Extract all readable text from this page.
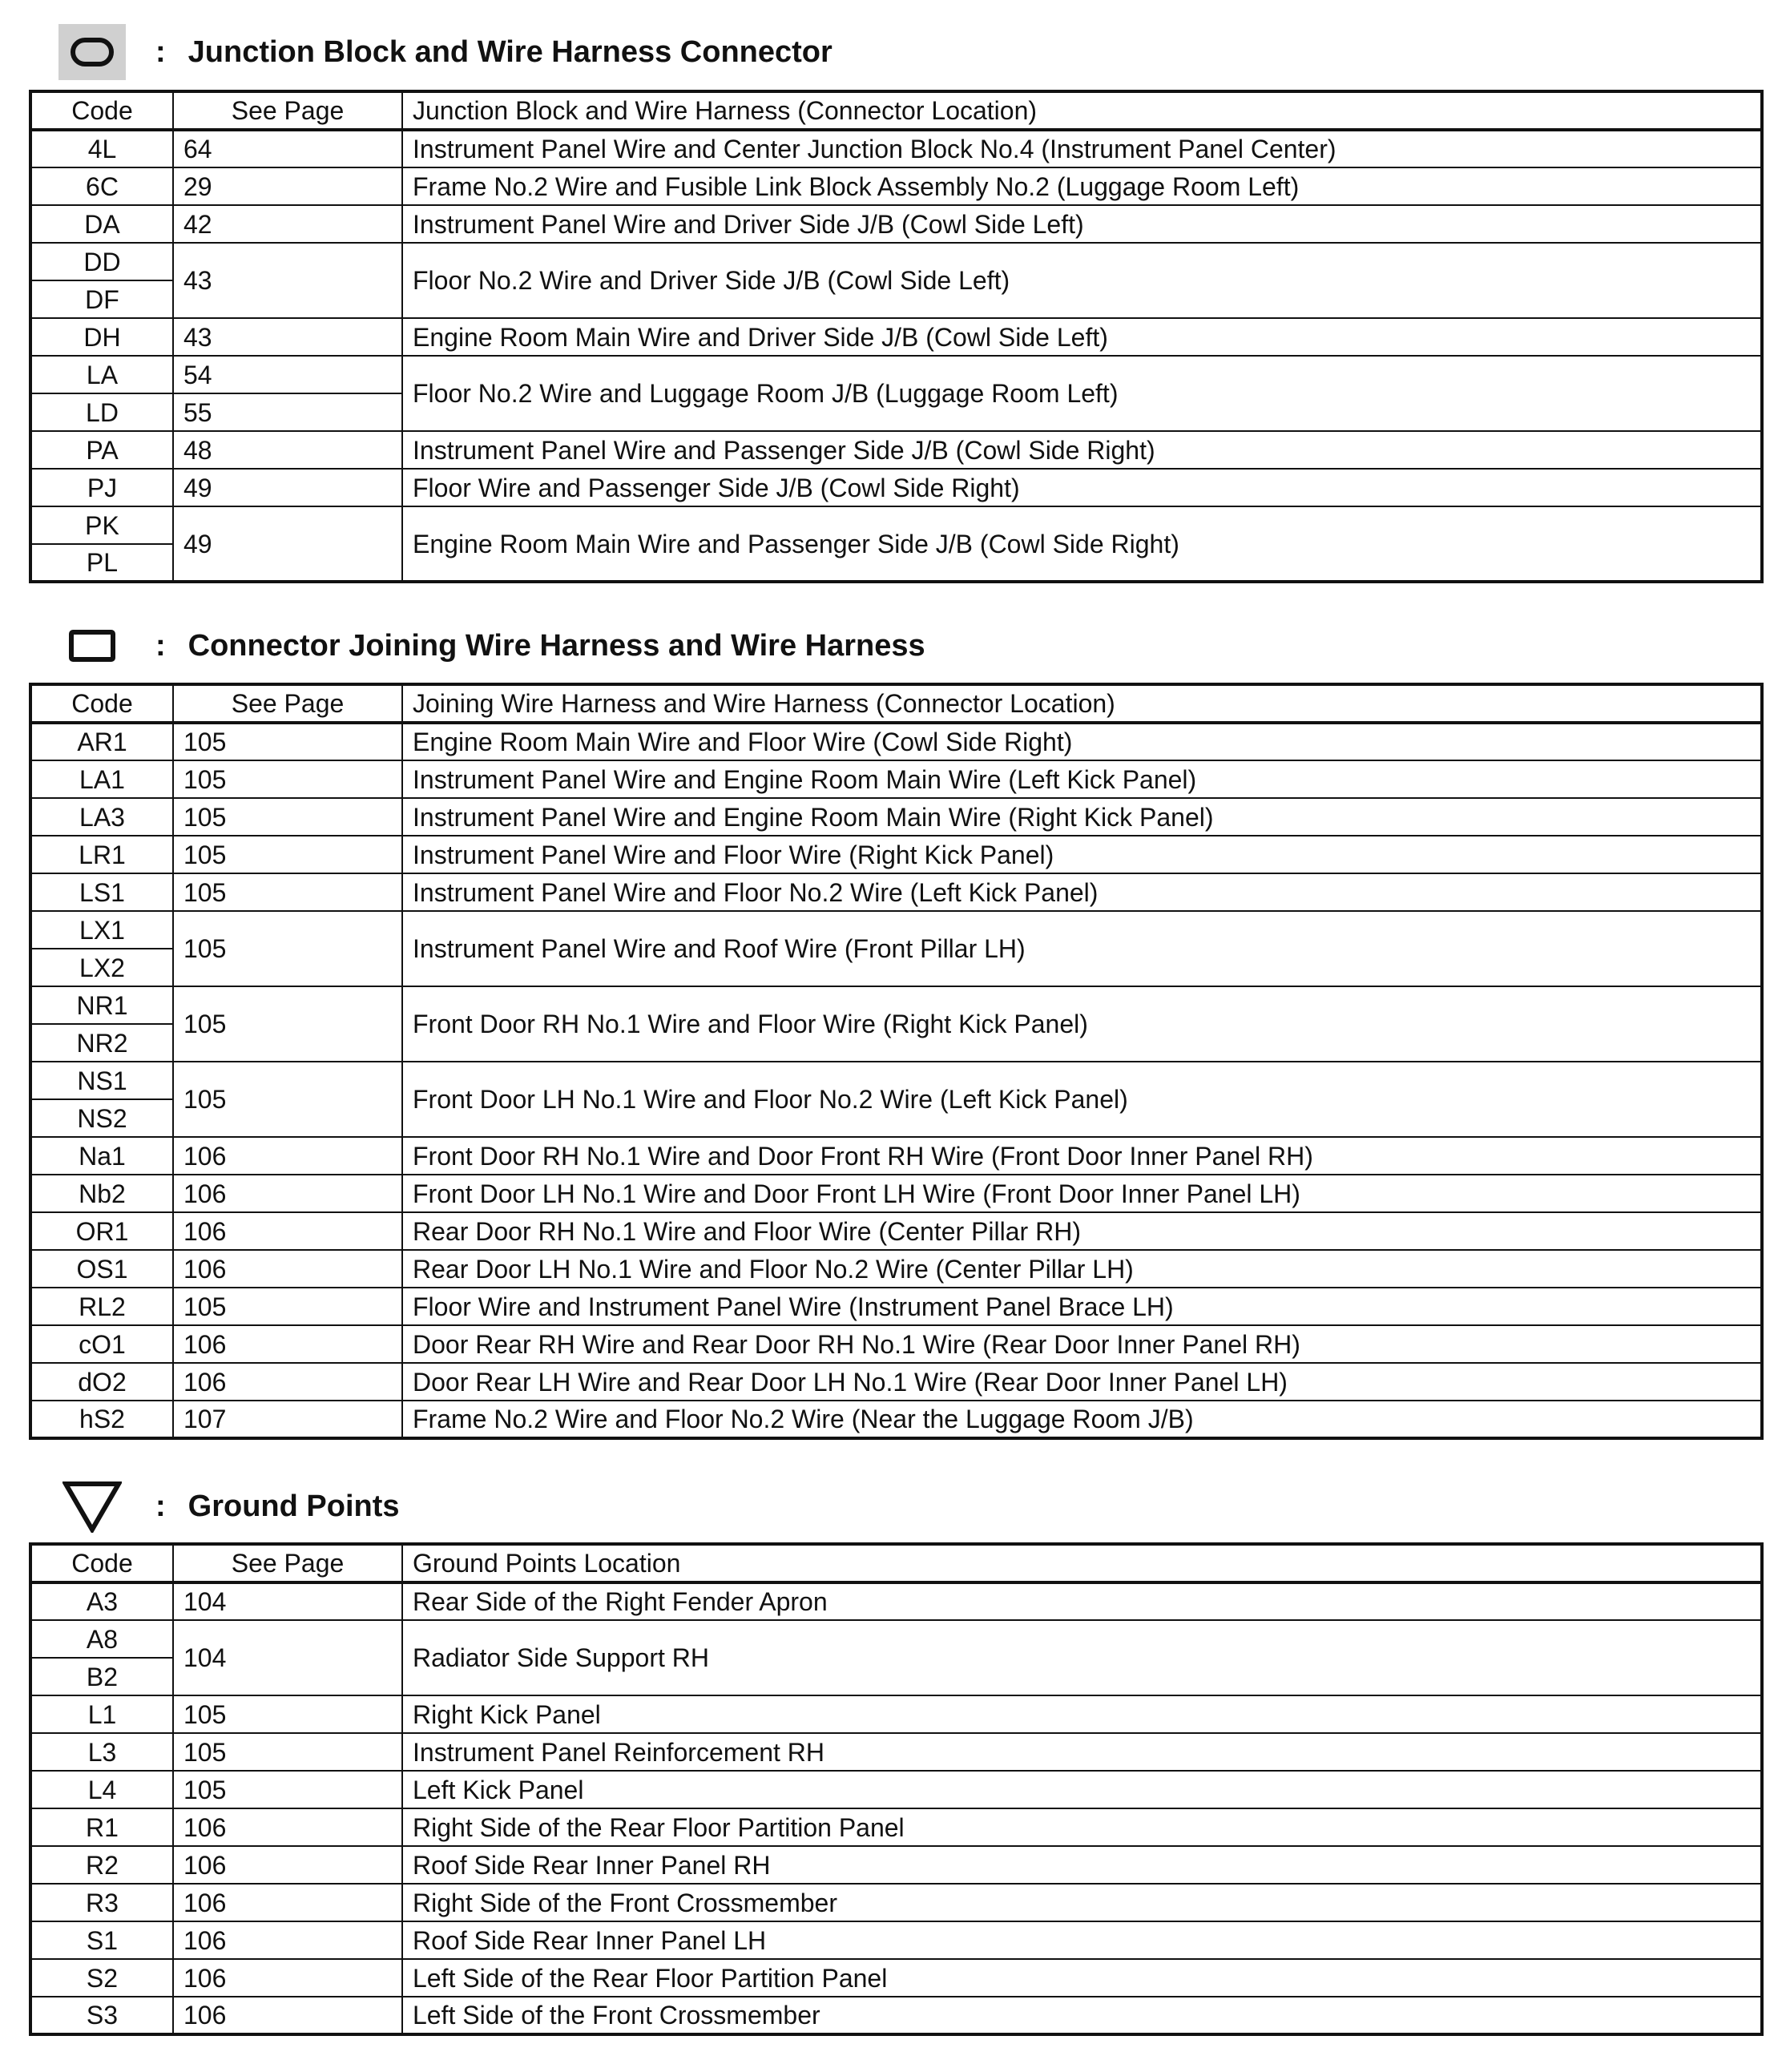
: Junction Block and Wire Harness Connector
Code	See Page	Junction Block and Wire Harness (Connector Location)
4L	64	Instrument Panel Wire and Center Junction Block No.4 (Instrument Panel Center)
6C	29	Frame No.2 Wire and Fusible Link Block Assembly No.2 (Luggage Room Left)
DA	42	Instrument Panel Wire and Driver Side J/B (Cowl Side Left)
DD	43	Floor No.2 Wire and Driver Side J/B (Cowl Side Left)
DF		
DH	43	Engine Room Main Wire and Driver Side J/B (Cowl Side Left)
LA	54	Floor No.2 Wire and Luggage Room J/B (Luggage Room Left)
LD	55	
PA	48	Instrument Panel Wire and Passenger Side J/B (Cowl Side Right)
PJ	49	Floor Wire and Passenger Side J/B (Cowl Side Right)
PK	49	Engine Room Main Wire and Passenger Side J/B (Cowl Side Right)
PL		
: Connector Joining Wire Harness and Wire Harness
Code	See Page	Joining Wire Harness and Wire Harness (Connector Location)
AR1	105	Engine Room Main Wire and Floor Wire (Cowl Side Right)
LA1	105	Instrument Panel Wire and Engine Room Main Wire (Left Kick Panel)
LA3	105	Instrument Panel Wire and Engine Room Main Wire (Right Kick Panel)
LR1	105	Instrument Panel Wire and Floor Wire (Right Kick Panel)
LS1	105	Instrument Panel Wire and Floor No.2 Wire (Left Kick Panel)
LX1	105	Instrument Panel Wire and Roof Wire (Front Pillar LH)
LX2		
NR1	105	Front Door RH No.1 Wire and Floor Wire (Right Kick Panel)
NR2		
NS1	105	Front Door LH No.1 Wire and Floor No.2 Wire (Left Kick Panel)
NS2		
Na1	106	Front Door RH No.1 Wire and Door Front RH Wire (Front Door Inner Panel RH)
Nb2	106	Front Door LH No.1 Wire and Door Front LH Wire (Front Door Inner Panel LH)
OR1	106	Rear Door RH No.1 Wire and Floor Wire (Center Pillar RH)
OS1	106	Rear Door LH No.1 Wire and Floor No.2 Wire (Center Pillar LH)
RL2	105	Floor Wire and Instrument Panel Wire (Instrument Panel Brace LH)
cO1	106	Door Rear RH Wire and Rear Door RH No.1 Wire (Rear Door Inner Panel RH)
dO2	106	Door Rear LH Wire and Rear Door LH No.1 Wire (Rear Door Inner Panel LH)
hS2	107	Frame No.2 Wire and Floor No.2 Wire (Near the Luggage Room J/B)
: Ground Points
Code	See Page	Ground Points Location
A3	104	Rear Side of the Right Fender Apron
A8	104	Radiator Side Support RH
B2		
L1	105	Right Kick Panel
L3	105	Instrument Panel Reinforcement RH
L4	105	Left Kick Panel
R1	106	Right Side of the Rear Floor Partition Panel
R2	106	Roof Side Rear Inner Panel RH
R3	106	Right Side of the Front Crossmember
S1	106	Roof Side Rear Inner Panel LH
S2	106	Left Side of the Rear Floor Partition Panel
S3	106	Left Side of the Front Crossmember
